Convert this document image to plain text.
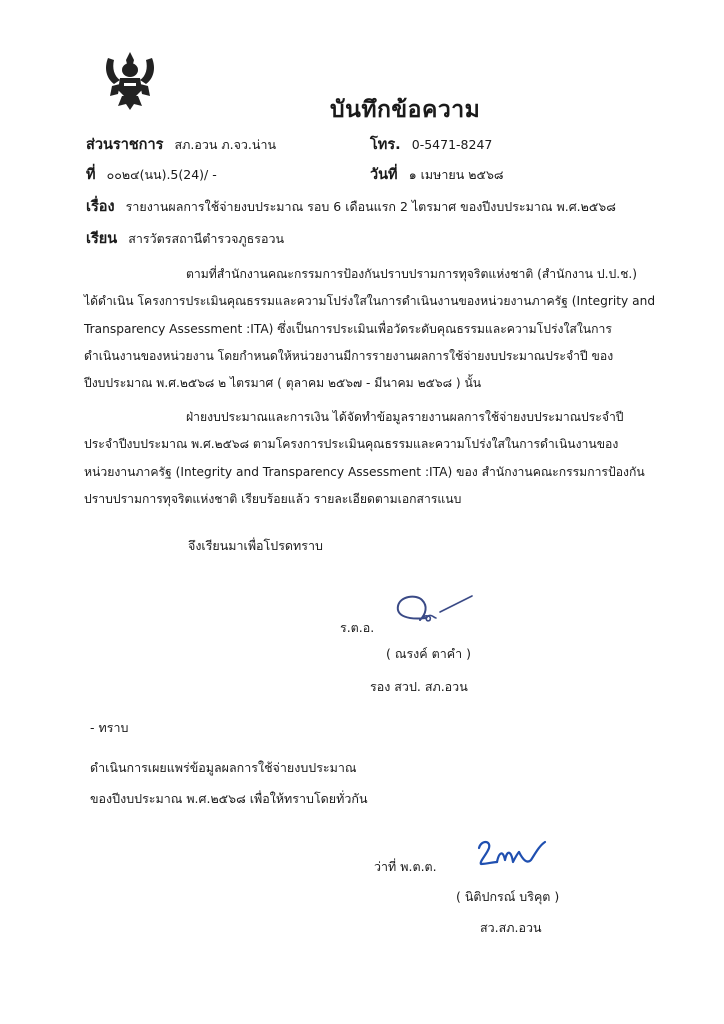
บันทึกข้อความ
ส่วนราชการ สภ.อวน ภ.จว.น่าน	โทร. 0-5471-8247
ที่ ๐๐๒๔(นน).5(24)/ -	วันที่ ๑ เมษายน ๒๕๖๘
เรื่อง รายงานผลการใช้จ่ายงบประมาณ รอบ 6 เดือนแรก 2 ไตรมาศ ของปีงบประมาณ พ.ศ.๒๕๖๘
เรียน สารวัตรสถานีตำรวจภูธรอวน
ตามที่สำนักงานคณะกรรมการป้องกันปราบปรามการทุจริตแห่งชาติ (สำนักงาน ป.ป.ช.)
ได้ดำเนิน โครงการประเมินคุณธรรมและความโปร่งใสในการดำเนินงานของหน่วยงานภาครัฐ (Integrity and
Transparency Assessment :ITA) ซึ่งเป็นการประเมินเพื่อวัดระดับคุณธรรมและความโปร่งใสในการ
ดำเนินงานของหน่วยงาน โดยกำหนดให้หน่วยงานมีการรายงานผลการใช้จ่ายงบประมาณประจำปี ของ
ปีงบประมาณ พ.ศ.๒๕๖๘ ๒ ไตรมาศ ( ตุลาคม ๒๕๖๗ - มีนาคม ๒๕๖๘ ) นั้น
ฝ่ายงบประมาณและการเงิน ได้จัดทำข้อมูลรายงานผลการใช้จ่ายงบประมาณประจำปี
ประจำปีงบประมาณ พ.ศ.๒๕๖๘ ตามโครงการประเมินคุณธรรมและความโปร่งใสในการดำเนินงานของ
หน่วยงานภาครัฐ (Integrity and Transparency Assessment :ITA) ของ สำนักงานคณะกรรมการป้องกัน
ปราบปรามการทุจริตแห่งชาติ เรียบร้อยแล้ว รายละเอียดตามเอกสารแนบ
จึงเรียนมาเพื่อโปรดทราบ
ร.ต.อ.
( ณรงค์ ตาคำ )
รอง สวป. สภ.อวน
- ทราบ
ดำเนินการเผยแพร่ข้อมูลผลการใช้จ่ายงบประมาณ
ของปีงบประมาณ พ.ศ.๒๕๖๘ เพื่อให้ทราบโดยทั่วกัน
ว่าที่ พ.ต.ต.
( นิติปกรณ์ บริคุต )
สว.สภ.อวน
